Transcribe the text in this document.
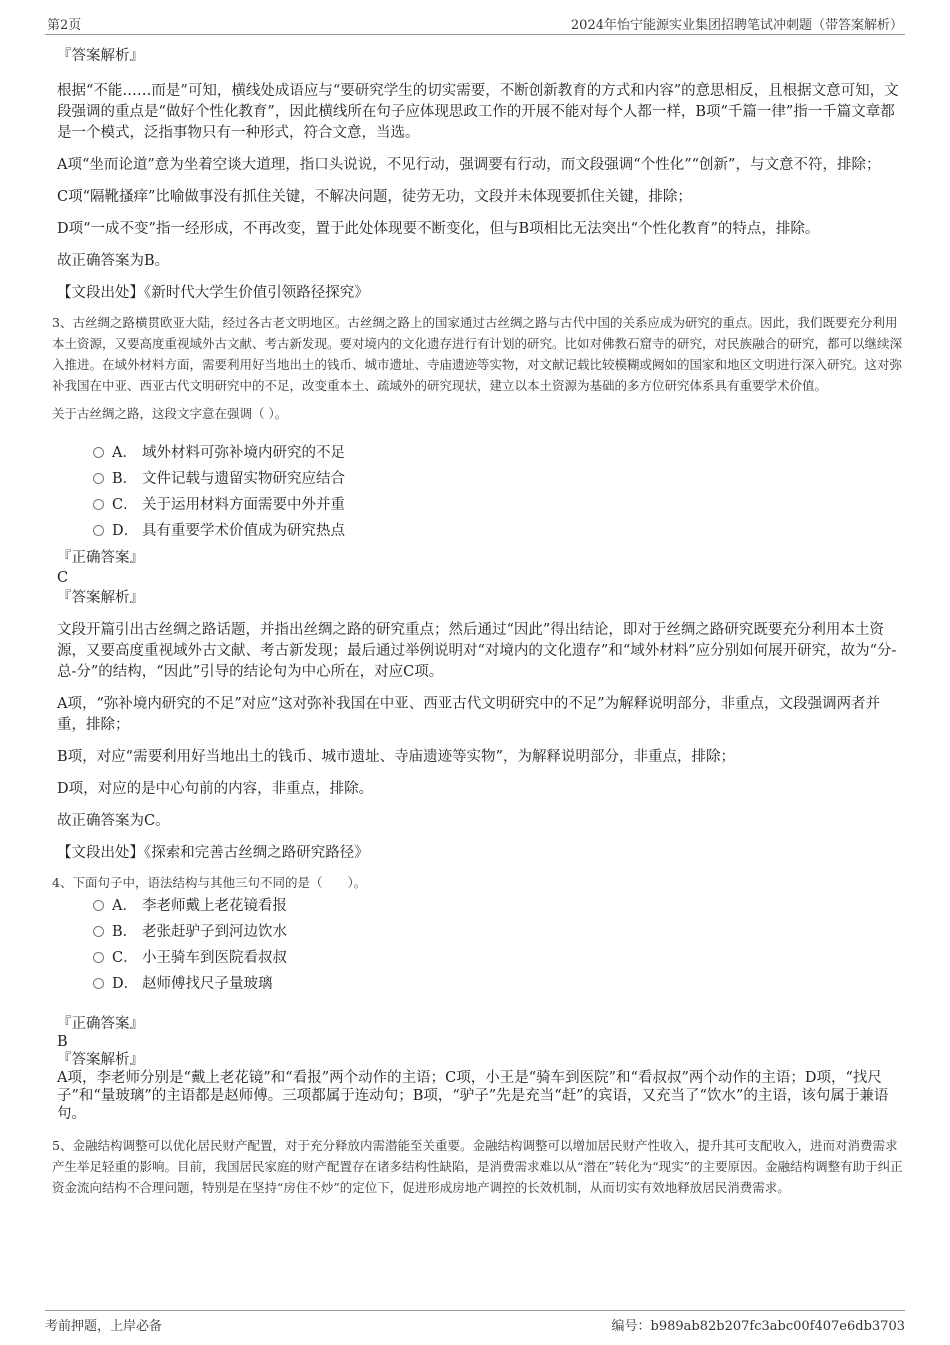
第2页	2024年怡宁能源实业集团招聘笔试冲刺题（带答案解析）
『答案解析』

根据“不能……而是”可知，横线处成语应与“要研究学生的切实需要，不断创新教育的方式和内容”的意思相反，且根据文意可知，文段强调的重点是“做好个性化教育”，因此横线所在句子应体现思政工作的开展不能对每个人都一样，B项“千篇一律”指一千篇文章都是一个模式，泛指事物只有一种形式，符合文意，当选。

A项“坐而论道”意为坐着空谈大道理，指口头说说，不见行动，强调要有行动，而文段强调“个性化”“创新”，与文意不符，排除；

C项“隔靴搔痒”比喻做事没有抓住关键，不解决问题，徒劳无功，文段并未体现要抓住关键，排除；

D项“一成不变”指一经形成，不再改变，置于此处体现要不断变化，但与B项相比无法突出“个性化教育”的特点，排除。

故正确答案为B。

【文段出处】《新时代大学生价值引领路径探究》

3、古丝绸之路横贯欧亚大陆，经过各古老文明地区。古丝绸之路上的国家通过古丝绸之路与古代中国的关系应成为研究的重点。因此，我们既要充分利用本土资源，又要高度重视域外古文献、考古新发现。要对境内的文化遗存进行有计划的研究。比如对佛教石窟寺的研究，对民族融合的研究，都可以继续深入推进。在域外材料方面，需要利用好当地出土的钱币、城市遗址、寺庙遗迹等实物，对文献记载比较模糊或阙如的国家和地区文明进行深入研究。这对弥补我国在中亚、西亚古代文明研究中的不足，改变重本土、疏域外的研究现状，建立以本土资源为基础的多方位研究体系具有重要学术价值。

关于古丝绸之路，这段文字意在强调（ ）。

A． 域外材料可弥补境内研究的不足
B． 文件记载与遗留实物研究应结合
C． 关于运用材料方面需要中外并重
D． 具有重要学术价值成为研究热点
『正确答案』
C
『答案解析』

文段开篇引出古丝绸之路话题，并指出丝绸之路的研究重点；然后通过“因此”得出结论，即对于丝绸之路研究既要充分利用本土资源，又要高度重视域外古文献、考古新发现；最后通过举例说明对“对境内的文化遗存”和“域外材料”应分别如何展开研究，故为“分-总-分”的结构，“因此”引导的结论句为中心所在，对应C项。

A项，“弥补境内研究的不足”对应“这对弥补我国在中亚、西亚古代文明研究中的不足”为解释说明部分，非重点，文段强调两者并重，排除；

B项，对应“需要利用好当地出土的钱币、城市遗址、寺庙遗迹等实物”，为解释说明部分，非重点，排除；

D项，对应的是中心句前的内容，非重点，排除。

故正确答案为C。

【文段出处】《探索和完善古丝绸之路研究路径》

4、下面句子中，语法结构与其他三句不同的是（　　）。

A． 李老师戴上老花镜看报
B． 老张赶驴子到河边饮水
C． 小王骑车到医院看叔叔
D． 赵师傅找尺子量玻璃
『正确答案』
B
『答案解析』

A项，李老师分别是“戴上老花镜”和“看报”两个动作的主语；C项，小王是“骑车到医院”和“看叔叔”两个动作的主语；D项，“找尺子”和“量玻璃”的主语都是赵师傅。三项都属于连动句；B项，“驴子”先是充当“赶”的宾语，又充当了“饮水”的主语，该句属于兼语句。

5、金融结构调整可以优化居民财产配置，对于充分释放内需潜能至关重要。金融结构调整可以增加居民财产性收入，提升其可支配收入，进而对消费需求产生举足轻重的影响。目前，我国居民家庭的财产配置存在诸多结构性缺陷，是消费需求难以从“潜在”转化为“现实”的主要原因。金融结构调整有助于纠正资金流向结构不合理问题，特别是在坚持“房住不炒”的定位下，促进形成房地产调控的长效机制，从而切实有效地释放居民消费需求。

考前押题，上岸必备	编号：b989ab82b207fc3abc00f407e6db3703
